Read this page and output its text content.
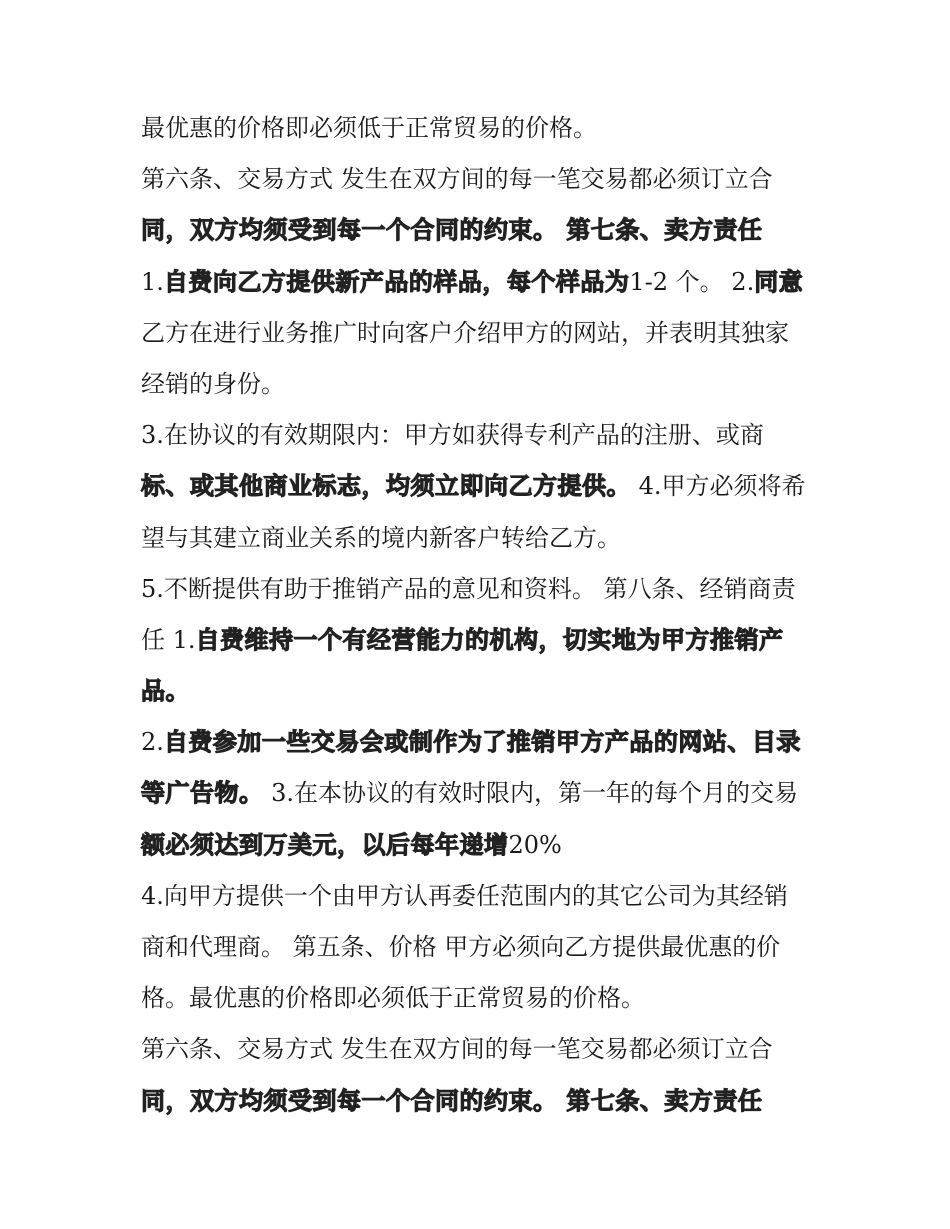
最优惠的价格即必须低于正常贸易的价格。
第六条、交易方式 发生在双方间的每一笔交易都必须订立合
同，双方均须受到每一个合同的约束。 第七条、卖方责任
1.自费向乙方提供新产品的样品，每个样品为1-2 个。 2.同意
乙方在进行业务推广时向客户介绍甲方的网站，并表明其独家
经销的身份。
3.在协议的有效期限内：甲方如获得专利产品的注册、或商
标、或其他商业标志，均须立即向乙方提供。 4.甲方必须将希
望与其建立商业关系的境内新客户转给乙方。
5.不断提供有助于推销产品的意见和资料。 第八条、经销商责
任 1.自费维持一个有经营能力的机构，切实地为甲方推销产
品。
2.自费参加一些交易会或制作为了推销甲方产品的网站、目录
等广告物。 3.在本协议的有效时限内，第一年的每个月的交易
额必须达到万美元，以后每年递增20%
4.向甲方提供一个由甲方认再委任范围内的其它公司为其经销
商和代理商。 第五条、价格 甲方必须向乙方提供最优惠的价
格。最优惠的价格即必须低于正常贸易的价格。
第六条、交易方式 发生在双方间的每一笔交易都必须订立合
同，双方均须受到每一个合同的约束。 第七条、卖方责任
